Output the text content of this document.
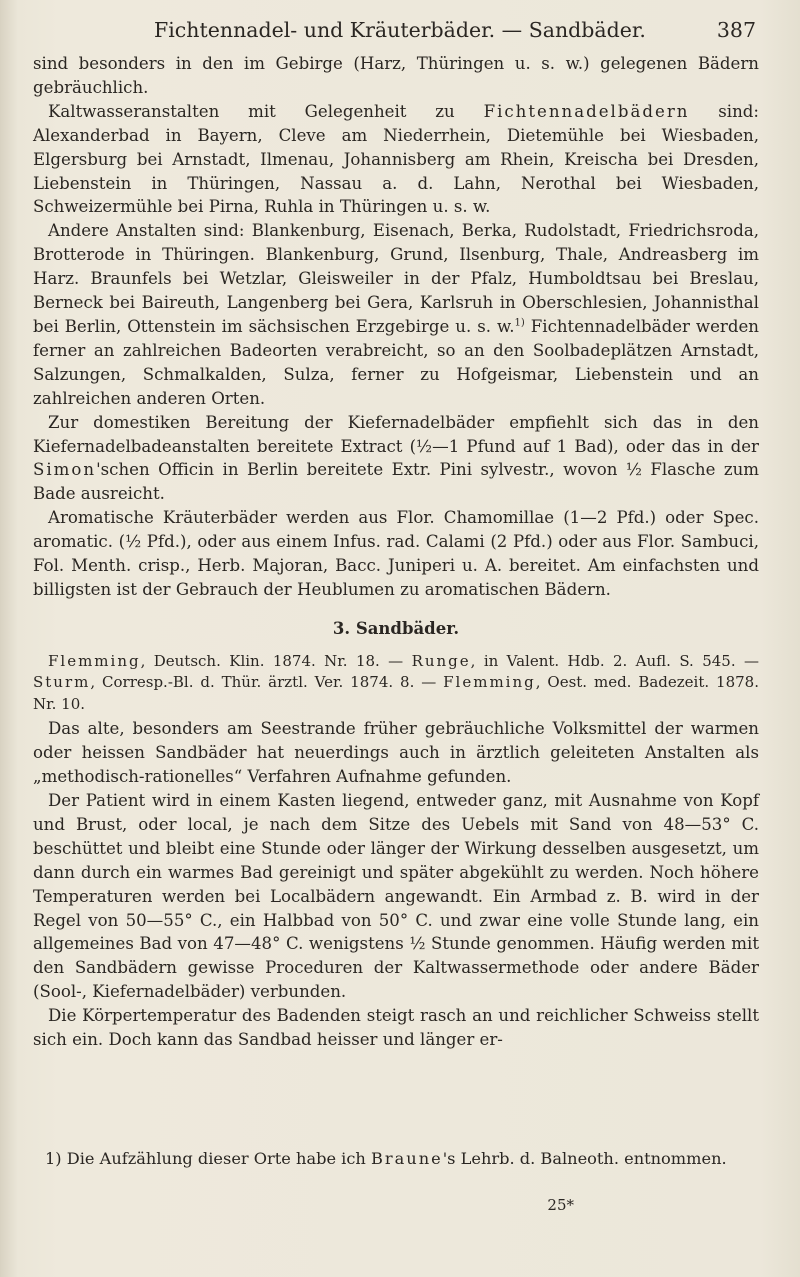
Fichtennadel- und Kräuterbäder. — Sandbäder.	387

sind besonders in den im Gebirge (Harz, Thüringen u. s. w.) gelegenen Bädern gebräuchlich.

Kaltwasseranstalten mit Gelegenheit zu Fichtennadelbädern sind: Alexanderbad in Bayern, Cleve am Niederrhein, Dietemühle bei Wiesbaden, Elgersburg bei Arnstadt, Ilmenau, Johannisberg am Rhein, Kreischa bei Dresden, Liebenstein in Thüringen, Nassau a. d. Lahn, Nerothal bei Wiesbaden, Schweizermühle bei Pirna, Ruhla in Thüringen u. s. w.

Andere Anstalten sind: Blankenburg, Eisenach, Berka, Rudolstadt, Friedrichsroda, Brotterode in Thüringen. Blankenburg, Grund, Ilsenburg, Thale, Andreasberg im Harz. Braunfels bei Wetzlar, Gleisweiler in der Pfalz, Humboldtsau bei Breslau, Berneck bei Baireuth, Langenberg bei Gera, Karlsruh in Oberschlesien, Johannisthal bei Berlin, Ottenstein im sächsischen Erzgebirge u. s. w.$^{1)}$ Fichtennadelbäder werden ferner an zahlreichen Badeorten verabreicht, so an den Soolbadeplätzen Arnstadt, Salzungen, Schmalkalden, Sulza, ferner zu Hofgeismar, Liebenstein und an zahlreichen anderen Orten.

Zur domestiken Bereitung der Kiefernadelbäder empfiehlt sich das in den Kiefernadelbadeanstalten bereitete Extract (½—1 Pfund auf 1 Bad), oder das in der Simon'schen Officin in Berlin bereitete Extr. Pini sylvestr., wovon ½ Flasche zum Bade ausreicht.

Aromatische Kräuterbäder werden aus Flor. Chamomillae (1—2 Pfd.) oder Spec. aromatic. (½ Pfd.), oder aus einem Infus. rad. Calami (2 Pfd.) oder aus Flor. Sambuci, Fol. Menth. crisp., Herb. Majoran, Bacc. Juniperi u. A. bereitet. Am einfachsten und billigsten ist der Gebrauch der Heublumen zu aromatischen Bädern.

3. Sandbäder.

Flemming, Deutsch. Klin. 1874. Nr. 18. — Runge, in Valent. Hdb. 2. Aufl. S. 545. — Sturm, Corresp.-Bl. d. Thür. ärztl. Ver. 1874. 8. — Flemming, Oest. med. Badezeit. 1878. Nr. 10.

Das alte, besonders am Seestrande früher gebräuchliche Volksmittel der warmen oder heissen Sandbäder hat neuerdings auch in ärztlich geleiteten Anstalten als „methodisch-rationelles“ Verfahren Aufnahme gefunden.

Der Patient wird in einem Kasten liegend, entweder ganz, mit Ausnahme von Kopf und Brust, oder local, je nach dem Sitze des Uebels mit Sand von 48—53° C. beschüttet und bleibt eine Stunde oder länger der Wirkung desselben ausgesetzt, um dann durch ein warmes Bad gereinigt und später abgekühlt zu werden. Noch höhere Temperaturen werden bei Localbädern angewandt. Ein Armbad z. B. wird in der Regel von 50—55° C., ein Halbbad von 50° C. und zwar eine volle Stunde lang, ein allgemeines Bad von 47—48° C. wenigstens ½ Stunde genommen. Häufig werden mit den Sandbädern gewisse Proceduren der Kaltwassermethode oder andere Bäder (Sool-, Kiefernadelbäder) verbunden.

Die Körpertemperatur des Badenden steigt rasch an und reichlicher Schweiss stellt sich ein. Doch kann das Sandbad heisser und länger er-

1) Die Aufzählung dieser Orte habe ich Braune's Lehrb. d. Balneoth. entnommen.

25*
